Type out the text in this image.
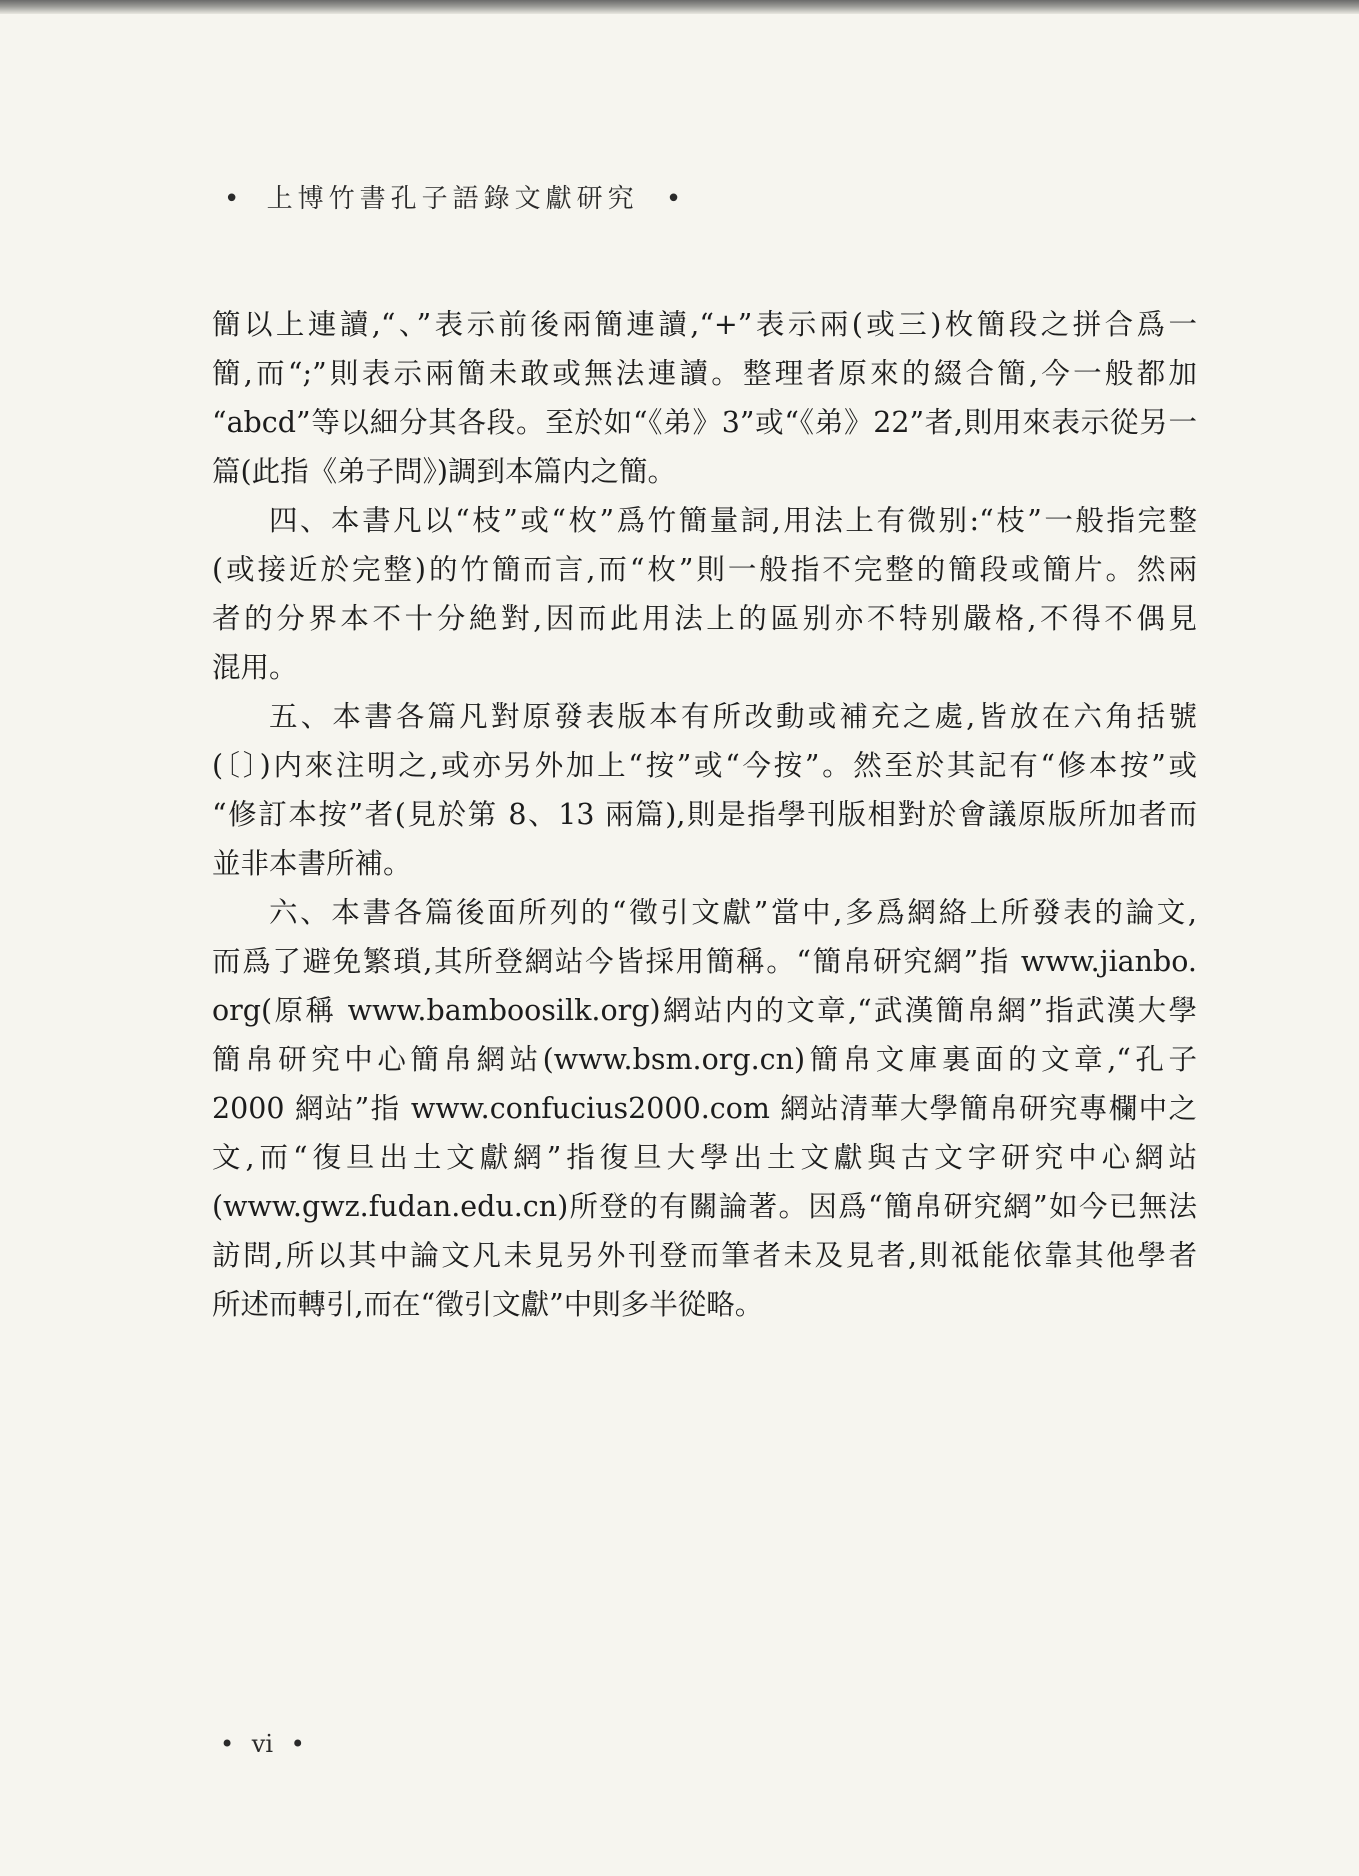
• 上博竹書孔子語錄文獻研究 •
簡以上連讀,“、”表示前後兩簡連讀,“+”表示兩(或三)枚簡段之拼合爲一
簡,而“;”則表示兩簡未敢或無法連讀。整理者原來的綴合簡,今一般都加
“abcd”等以細分其各段。至於如“《弟》3”或“《弟》22”者,則用來表示從另一
篇(此指《弟子問》)調到本篇内之簡。
四、本書凡以“枝”或“枚”爲竹簡量詞,用法上有微别:“枝”一般指完整
(或接近於完整)的竹簡而言,而“枚”則一般指不完整的簡段或簡片。然兩
者的分界本不十分絶對,因而此用法上的區别亦不特别嚴格,不得不偶見
混用。
五、本書各篇凡對原發表版本有所改動或補充之處,皆放在六角括號
(〔〕)内來注明之,或亦另外加上“按”或“今按”。然至於其記有“修本按”或
“修訂本按”者(見於第 8、13 兩篇),則是指學刊版相對於會議原版所加者而
並非本書所補。
六、本書各篇後面所列的“徵引文獻”當中,多爲網絡上所發表的論文,
而爲了避免繁瑣,其所登網站今皆採用簡稱。“簡帛研究網”指 www.jianbo.
org(原稱 www.bamboosilk.org)網站内的文章,“武漢簡帛網”指武漢大學
簡帛研究中心簡帛網站(www.bsm.org.cn)簡帛文庫裏面的文章,“孔子
2000 網站”指 www.confucius2000.com 網站清華大學簡帛研究專欄中之
文,而“復旦出土文獻網”指復旦大學出土文獻與古文字研究中心網站
(www.gwz.fudan.edu.cn)所登的有關論著。因爲“簡帛研究網”如今已無法
訪問,所以其中論文凡未見另外刊登而筆者未及見者,則祗能依靠其他學者
所述而轉引,而在“徵引文獻”中則多半從略。
• vi •
